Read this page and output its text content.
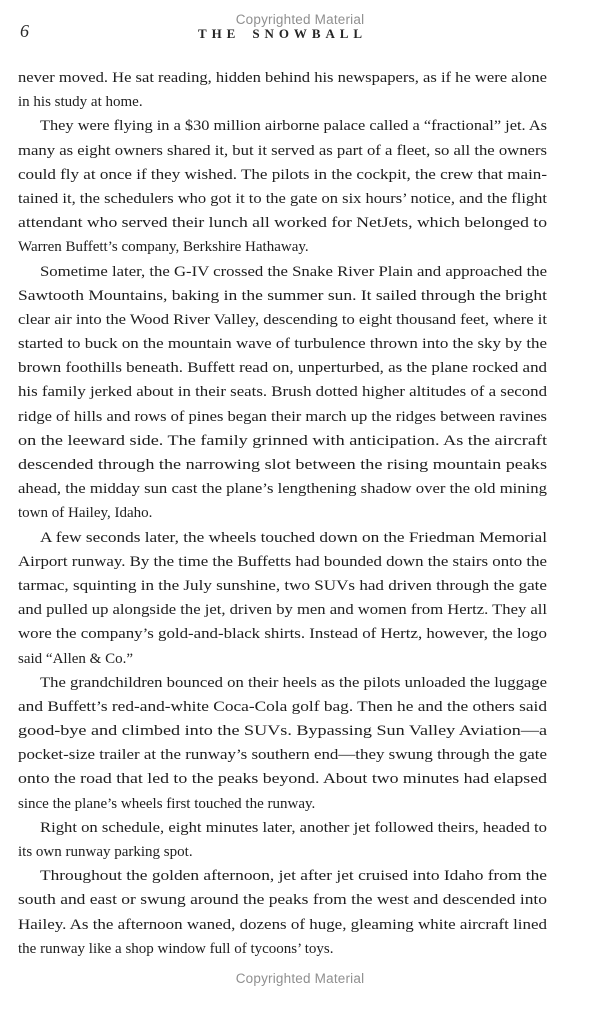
Copyrighted Material
6	THE SNOWBALL
never moved. He sat reading, hidden behind his newspapers, as if he were alone
in his study at home.
They were flying in a $30 million airborne palace called a “fractional” jet. As
many as eight owners shared it, but it served as part of a fleet, so all the owners
could fly at once if they wished. The pilots in the cockpit, the crew that main-
tained it, the schedulers who got it to the gate on six hours’ notice, and the flight
attendant who served their lunch all worked for NetJets, which belonged to
Warren Buffett’s company, Berkshire Hathaway.
Sometime later, the G-IV crossed the Snake River Plain and approached the
Sawtooth Mountains, baking in the summer sun. It sailed through the bright
clear air into the Wood River Valley, descending to eight thousand feet, where it
started to buck on the mountain wave of turbulence thrown into the sky by the
brown foothills beneath. Buffett read on, unperturbed, as the plane rocked and
his family jerked about in their seats. Brush dotted higher altitudes of a second
ridge of hills and rows of pines began their march up the ridges between ravines
on the leeward side. The family grinned with anticipation. As the aircraft
descended through the narrowing slot between the rising mountain peaks
ahead, the midday sun cast the plane’s lengthening shadow over the old mining
town of Hailey, Idaho.
A few seconds later, the wheels touched down on the Friedman Memorial
Airport runway. By the time the Buffetts had bounded down the stairs onto the
tarmac, squinting in the July sunshine, two SUVs had driven through the gate
and pulled up alongside the jet, driven by men and women from Hertz. They all
wore the company’s gold-and-black shirts. Instead of Hertz, however, the logo
said “Allen & Co.”
The grandchildren bounced on their heels as the pilots unloaded the luggage
and Buffett’s red-and-white Coca-Cola golf bag. Then he and the others said
good-bye and climbed into the SUVs. Bypassing Sun Valley Aviation—a
pocket-size trailer at the runway’s southern end—they swung through the gate
onto the road that led to the peaks beyond. About two minutes had elapsed
since the plane’s wheels first touched the runway.
Right on schedule, eight minutes later, another jet followed theirs, headed to
its own runway parking spot.
Throughout the golden afternoon, jet after jet cruised into Idaho from the
south and east or swung around the peaks from the west and descended into
Hailey. As the afternoon waned, dozens of huge, gleaming white aircraft lined
the runway like a shop window full of tycoons’ toys.
Copyrighted Material
